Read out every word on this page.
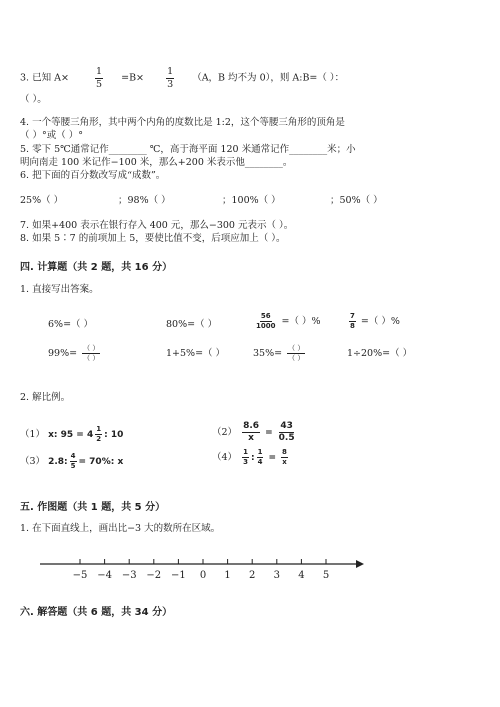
3. 已知 A×	$\frac{1}{5} =B\times \frac{1}{3} (A$，B 均不为 0），则 A:B=（ ）：
（ ）。
4. 一个等腰三角形，其中两个内角的度数比是 1:2，这个等腰三角形的顶角是
（ ）°或（ ）°
5. 零下 5℃通常记作________ ℃，高于海平面 120 米通常记作________米；小
明向南走 100 米记作−100 米，那么+200 米表示他________。
6. 把下面的百分数改写成“成数”。
25%（ ）	；98%（ ）	；100%（ ）	；50%（ ）
7. 如果+400 表示在银行存入 400 元，那么−300 元表示（ ）。
8. 如果 5∶7 的前项加上 5，要使比值不变，后项应加上（ ）。
四. 计算题（共 2 题，共 16 分）
1. 直接写出答案。
6%=（ ）	80%=（ ）	$\frac{56}{1000}$ =（ ）%	$\frac{7}{8}$ =（ ）%
$99\%= \frac{( )}{( )}$	1+5%=（ ）	$35\%= \frac{( )}{( )}$	1÷20%=（ ）
2. 解比例。
（1） x: $95 = 4 \frac{1}{2}$ : 10	$(2) \frac{8.6}{x} = \frac{43}{0.5}$
（3） 2.8: $\frac{4}{5} = 70\%$: x	$(4) \frac{1}{3}$ : $\frac{1}{4} = \frac{8}{x}$
五. 作图题（共 1 题，共 5 分）
1. 在下面直线上，画出比−3 大的数所在区域。
−5 −4 −3 −2 −1 0 1 2 3 4 5
六. 解答题（共 6 题，共 34 分）
